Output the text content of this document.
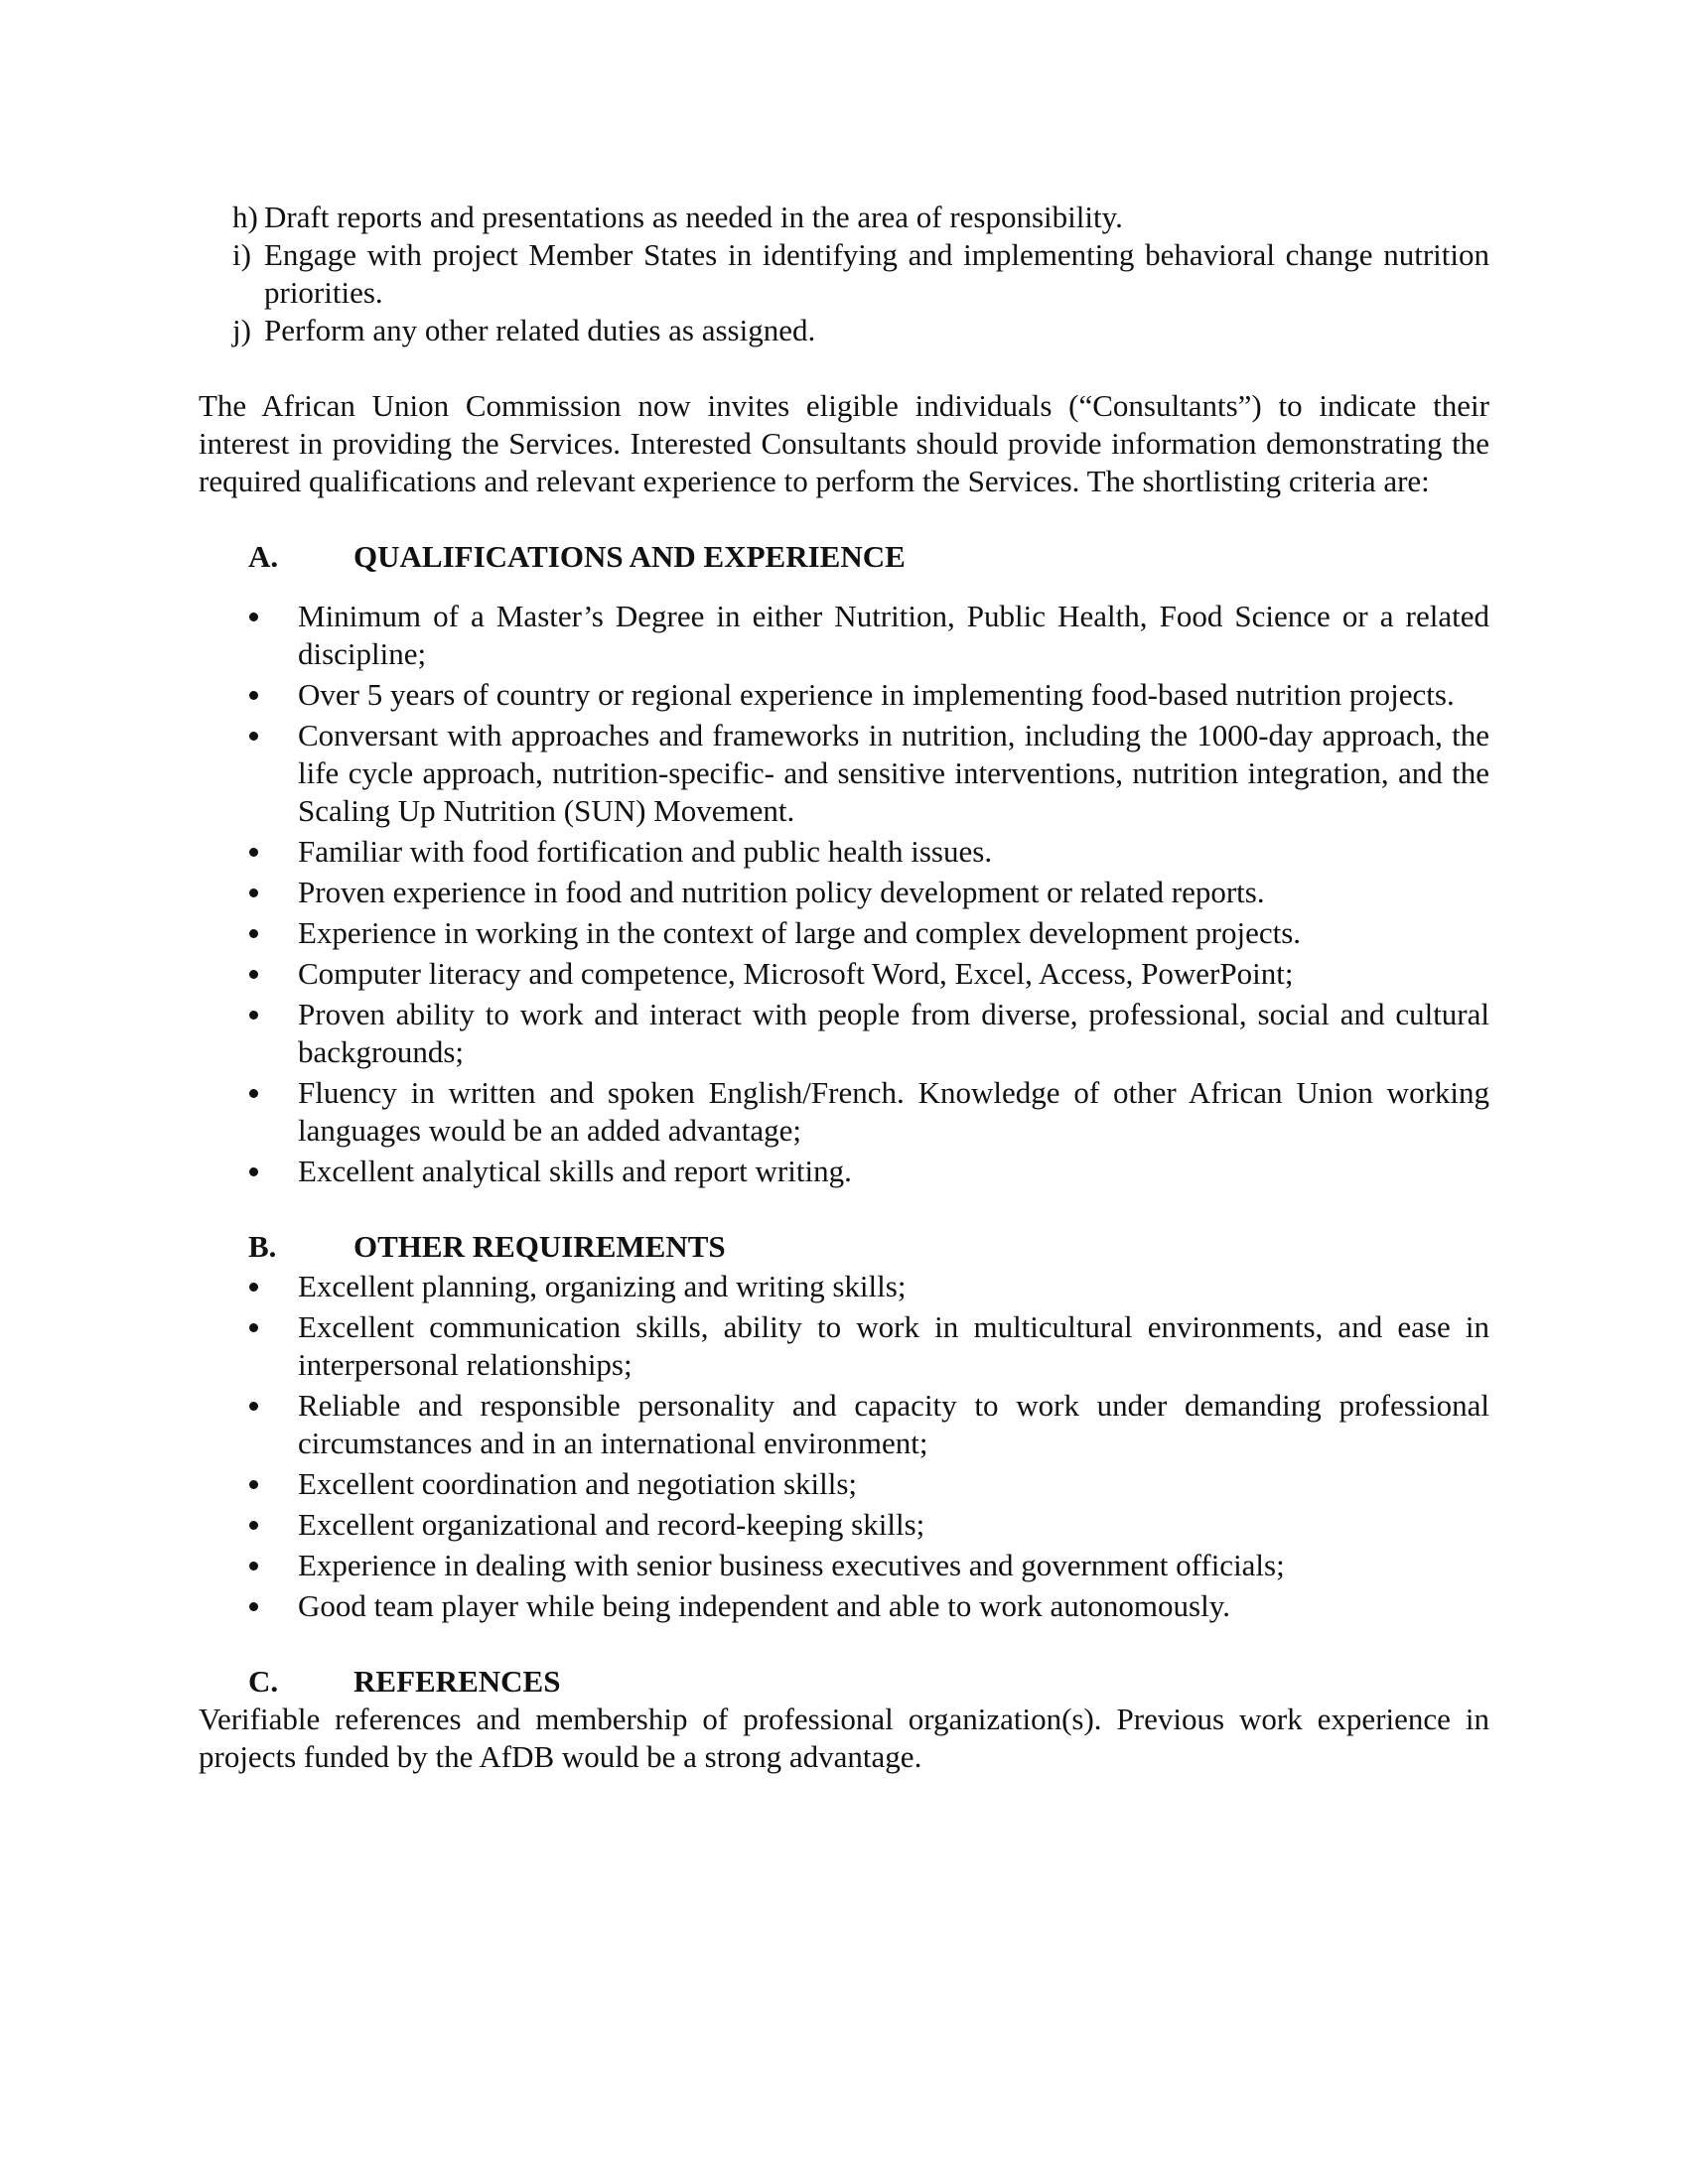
h) Draft reports and presentations as needed in the area of responsibility.
i) Engage with project Member States in identifying and implementing behavioral change nutrition priorities.
j) Perform any other related duties as assigned.

The African Union Commission now invites eligible individuals (“Consultants”) to indicate their interest in providing the Services. Interested Consultants should provide information demonstrating the required qualifications and relevant experience to perform the Services. The shortlisting criteria are:

A.	QUALIFICATIONS AND EXPERIENCE
Minimum of a Master’s Degree in either Nutrition, Public Health, Food Science or a related discipline;
Over 5 years of country or regional experience in implementing food-based nutrition projects.
Conversant with approaches and frameworks in nutrition, including the 1000-day approach, the life cycle approach, nutrition-specific- and sensitive interventions, nutrition integration, and the Scaling Up Nutrition (SUN) Movement.
Familiar with food fortification and public health issues.
Proven experience in food and nutrition policy development or related reports.
Experience in working in the context of large and complex development projects.
Computer literacy and competence, Microsoft Word, Excel, Access, PowerPoint;
Proven ability to work and interact with people from diverse, professional, social and cultural backgrounds;
Fluency in written and spoken English/French. Knowledge of other African Union working languages would be an added advantage;
Excellent analytical skills and report writing.
B.	OTHER REQUIREMENTS
Excellent planning, organizing and writing skills;
Excellent communication skills, ability to work in multicultural environments, and ease in interpersonal relationships;
Reliable and responsible personality and capacity to work under demanding professional circumstances and in an international environment;
Excellent coordination and negotiation skills;
Excellent organizational and record-keeping skills;
Experience in dealing with senior business executives and government officials;
Good team player while being independent and able to work autonomously.
C.	REFERENCES

Verifiable references and membership of professional organization(s). Previous work experience in projects funded by the AfDB would be a strong advantage.
